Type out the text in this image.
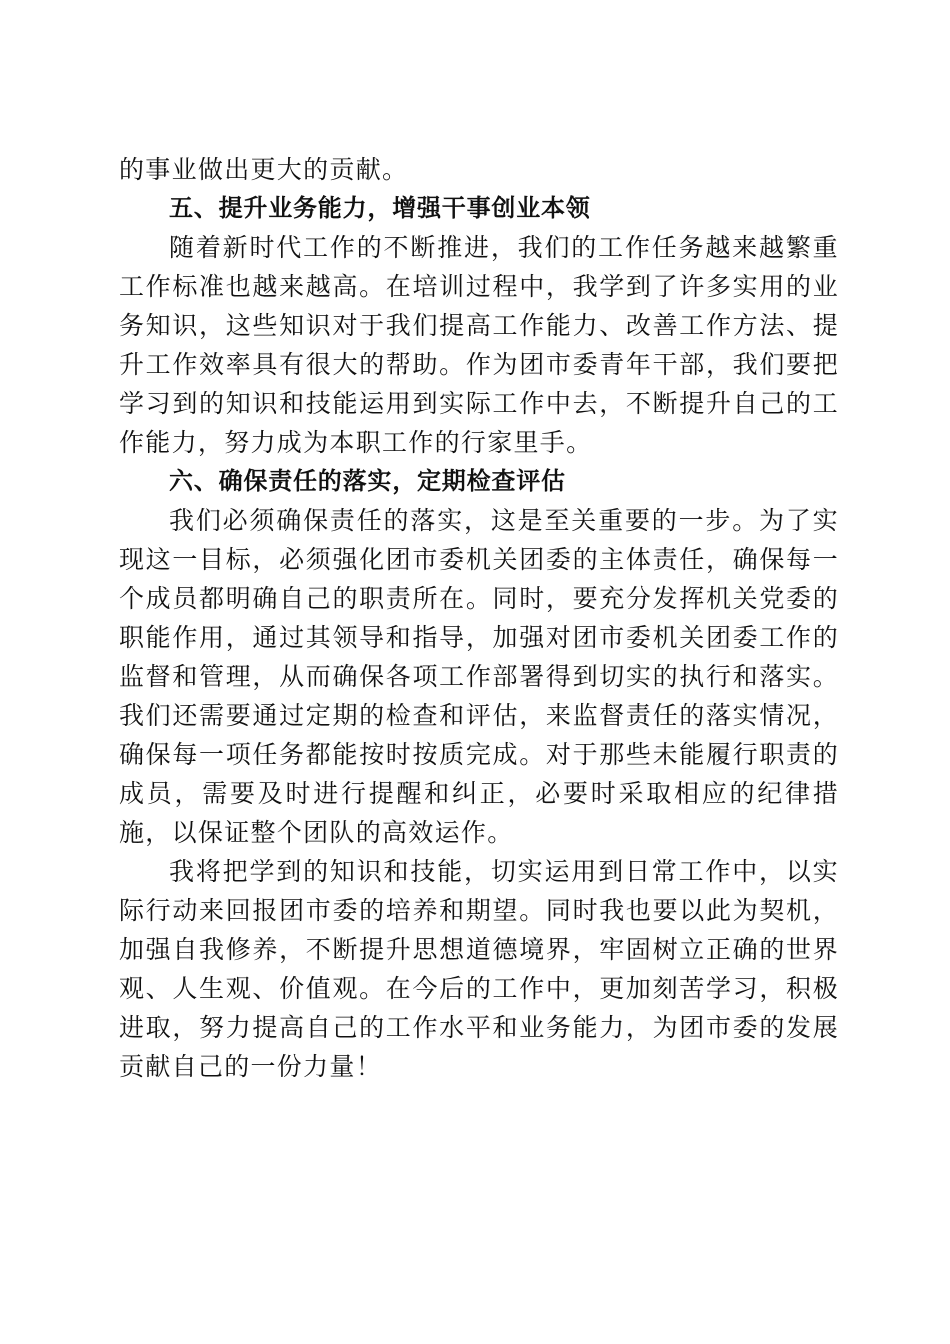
的事业做出更大的贡献。

五、提升业务能力，增强干事创业本领

随着新时代工作的不断推进，我们的工作任务越来越繁重工作标准也越来越高。在培训过程中，我学到了许多实用的业务知识，这些知识对于我们提高工作能力、改善工作方法、提升工作效率具有很大的帮助。作为团市委青年干部，我们要把学习到的知识和技能运用到实际工作中去，不断提升自己的工作能力，努力成为本职工作的行家里手。

六、确保责任的落实，定期检查评估

我们必须确保责任的落实，这是至关重要的一步。为了实现这一目标，必须强化团市委机关团委的主体责任，确保每一个成员都明确自己的职责所在。同时，要充分发挥机关党委的职能作用，通过其领导和指导，加强对团市委机关团委工作的监督和管理，从而确保各项工作部署得到切实的执行和落实。我们还需要通过定期的检查和评估，来监督责任的落实情况，确保每一项任务都能按时按质完成。对于那些未能履行职责的成员，需要及时进行提醒和纠正，必要时采取相应的纪律措施，以保证整个团队的高效运作。

我将把学到的知识和技能，切实运用到日常工作中，以实际行动来回报团市委的培养和期望。同时我也要以此为契机，加强自我修养，不断提升思想道德境界，牢固树立正确的世界观、人生观、价值观。在今后的工作中，更加刻苦学习，积极进取，努力提高自己的工作水平和业务能力，为团市委的发展贡献自己的一份力量！
